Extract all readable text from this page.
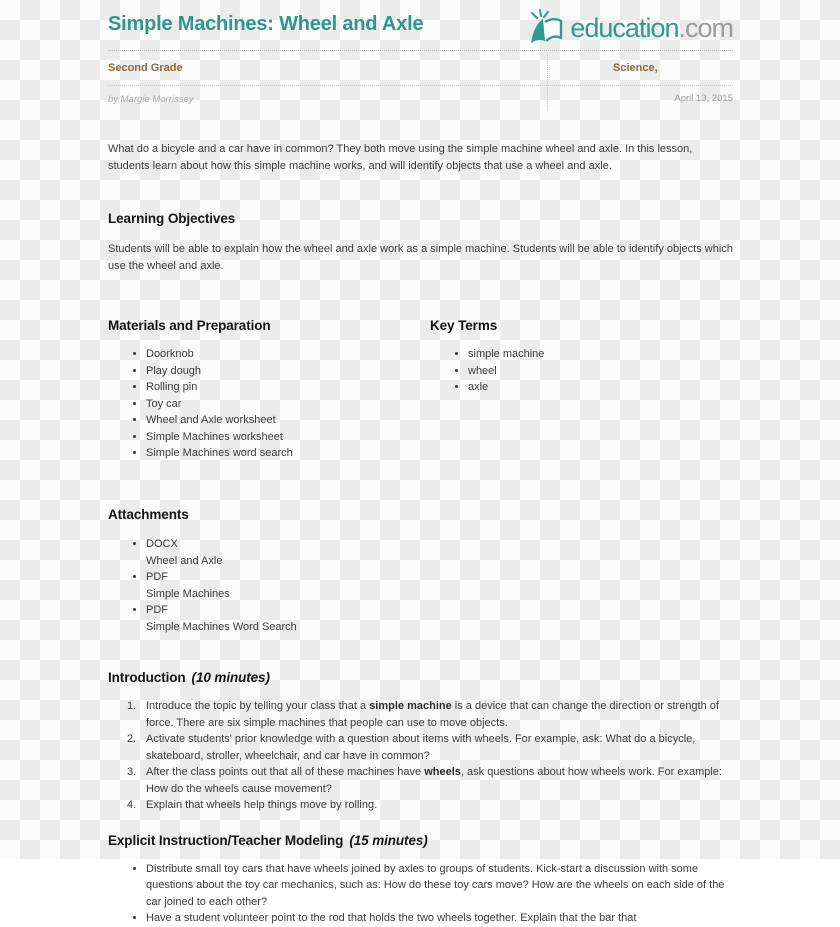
Simple Machines: Wheel and Axle	education.com
Second Grade	Science,
by Margie Morrissey	April 13, 2015

What do a bicycle and a car have in common? They both move using the simple machine wheel and axle. In this lesson, students learn about how this simple machine works, and will identify objects that use a wheel and axle.

Learning Objectives

Students will be able to explain how the wheel and axle work as a simple machine. Students will be able to identify objects which use the wheel and axle.

Materials and Preparation
• Doorknob
• Play dough
• Rolling pin
• Toy car
• Wheel and Axle worksheet
• Simple Machines worksheet
• Simple Machines word search
Key Terms
• simple machine
• wheel
• axle
Attachments
• DOCX
Wheel and Axle
• PDF
Simple Machines
• PDF
Simple Machines Word Search
Introduction (10 minutes)
Introduce the topic by telling your class that a simple machine is a device that can change the direction or strength of force. There are six simple machines that people can use to move objects.
Activate students' prior knowledge with a question about items with wheels. For example, ask: What do a bicycle, skateboard, stroller, wheelchair, and car have in common?
After the class points out that all of these machines have wheels, ask questions about how wheels work. For example: How do the wheels cause movement?
Explain that wheels help things move by rolling.
Explicit Instruction/Teacher Modeling (15 minutes)
• Distribute small toy cars that have wheels joined by axles to groups of students. Kick-start a discussion with some questions about the toy car mechanics, such as: How do these toy cars move? How are the wheels on each side of the car joined to each other?
• Have a student volunteer point to the rod that holds the two wheels together. Explain that the bar that
